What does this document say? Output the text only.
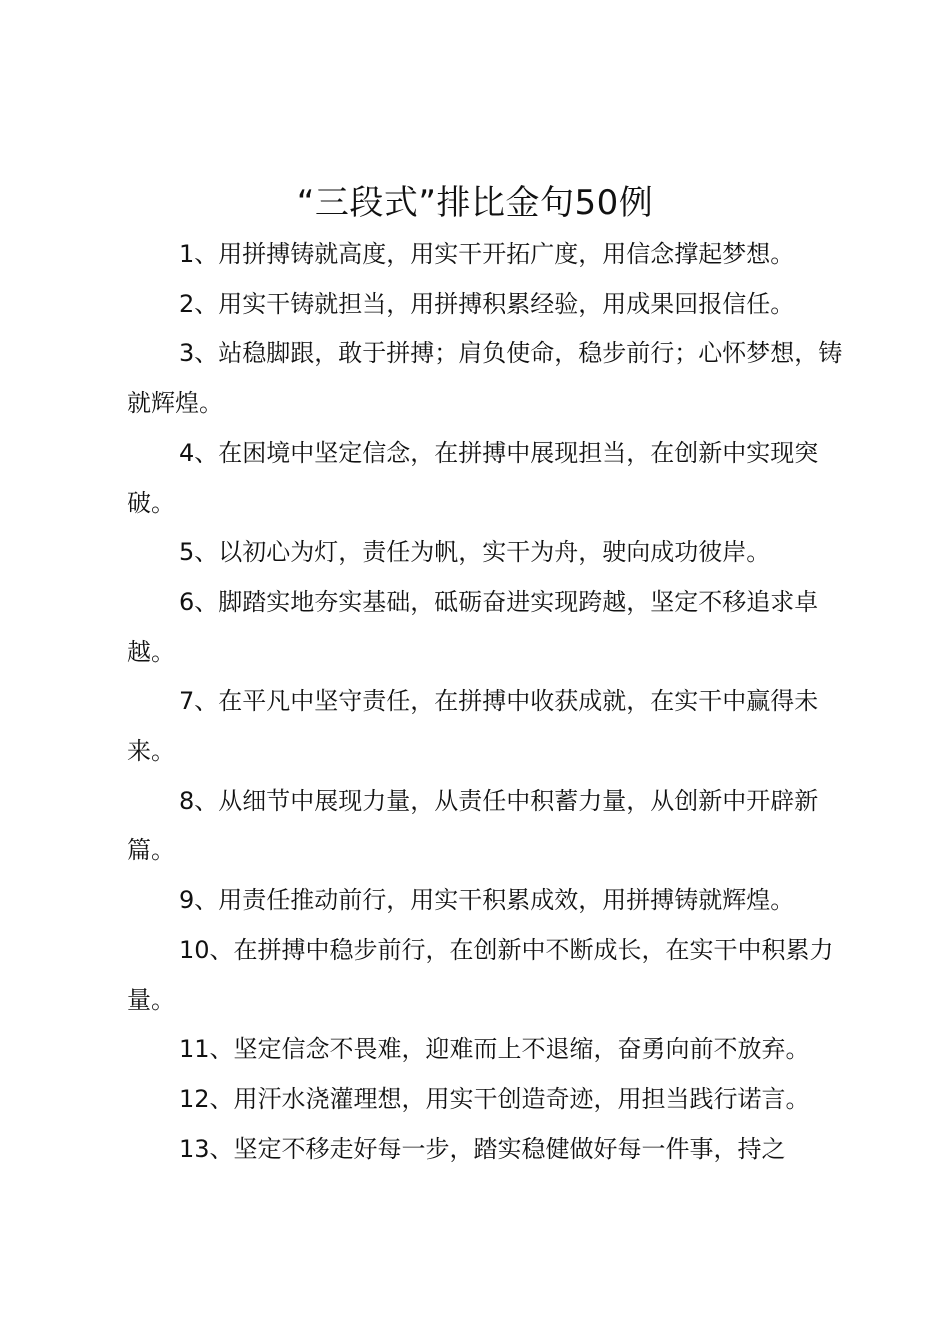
“三段式”排比金句50例

1、用拼搏铸就高度，用实干开拓广度，用信念撑起梦想。

2、用实干铸就担当，用拼搏积累经验，用成果回报信任。

3、站稳脚跟，敢于拼搏；肩负使命，稳步前行；心怀梦想，铸就辉煌。

4、在困境中坚定信念，在拼搏中展现担当，在创新中实现突破。

5、以初心为灯，责任为帆，实干为舟，驶向成功彼岸。

6、脚踏实地夯实基础，砥砺奋进实现跨越，坚定不移追求卓越。

7、在平凡中坚守责任，在拼搏中收获成就，在实干中赢得未来。

8、从细节中展现力量，从责任中积蓄力量，从创新中开辟新篇。

9、用责任推动前行，用实干积累成效，用拼搏铸就辉煌。

10、在拼搏中稳步前行，在创新中不断成长，在实干中积累力量。

11、坚定信念不畏难，迎难而上不退缩，奋勇向前不放弃。

12、用汗水浇灌理想，用实干创造奇迹，用担当践行诺言。

13、坚定不移走好每一步，踏实稳健做好每一件事，持之
